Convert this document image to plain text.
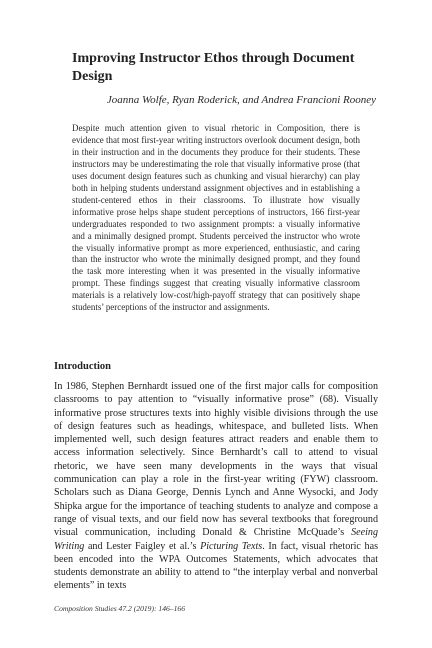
Improving Instructor Ethos through Document Design
Joanna Wolfe, Ryan Roderick, and Andrea Francioni Rooney
Despite much attention given to visual rhetoric in Composition, there is evidence that most first-year writing instructors overlook document design, both in their instruction and in the documents they produce for their students. These instructors may be underestimating the role that visually informative prose (that uses document design features such as chunking and visual hierarchy) can play both in helping students understand assignment objectives and in establishing a student-centered ethos in their classrooms. To illustrate how visually informative prose helps shape student perceptions of instructors, 166 first-year undergraduates responded to two assignment prompts: a visually informative and a minimally designed prompt. Students perceived the instructor who wrote the visually informative prompt as more experienced, enthusiastic, and caring than the instructor who wrote the minimally designed prompt, and they found the task more interesting when it was presented in the visually informative prompt. These findings suggest that creating visually informative classroom materials is a relatively low-cost/high-payoff strategy that can positively shape students’ perceptions of the instructor and assignments.
Introduction

In 1986, Stephen Bernhardt issued one of the first major calls for composition classrooms to pay attention to “visually informative prose” (68). Visually informative prose structures texts into highly visible divisions through the use of design features such as headings, whitespace, and bulleted lists. When implemented well, such design features attract readers and enable them to access information selectively. Since Bernhardt’s call to attend to visual rhetoric, we have seen many developments in the ways that visual communication can play a role in the first-year writing (FYW) classroom. Scholars such as Diana George, Dennis Lynch and Anne Wysocki, and Jody Shipka argue for the importance of teaching students to analyze and compose a range of visual texts, and our field now has several textbooks that foreground visual communication, including Donald & Christine McQuade’s Seeing Writing and Lester Faigley et al.’s Picturing Texts. In fact, visual rhetoric has been encoded into the WPA Outcomes Statements, which advocates that students demonstrate an ability to attend to “the interplay verbal and nonverbal elements” in texts

Composition Studies 47.2 (2019): 146–166
